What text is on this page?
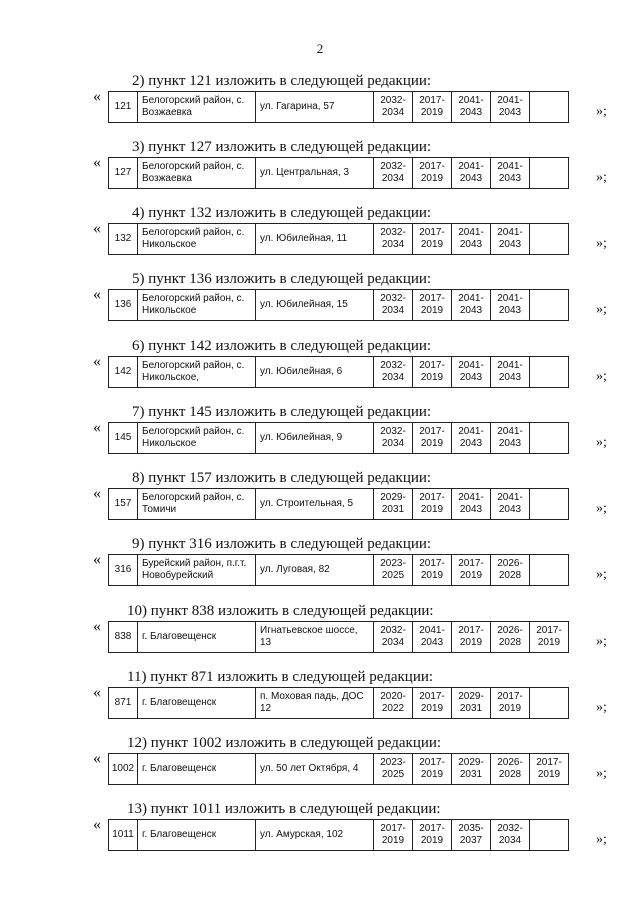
2
2) пункт 121 изложить в следующей редакции:
«
121	Белогорский район, с. Возжаевка	ул. Гагарина, 57	2032-2034	2017-2019	2041-2043	2041-2043		»;
3) пункт 127 изложить в следующей редакции:
«
127	Белогорский район, с. Возжаевка	ул. Центральная, 3	2032-2034	2017-2019	2041-2043	2041-2043		»;
4) пункт 132 изложить в следующей редакции:
«
132	Белогорский район, с. Никольское	ул. Юбилейная, 11	2032-2034	2017-2019	2041-2043	2041-2043		»;
5) пункт 136 изложить в следующей редакции:
«
136	Белогорский район, с. Никольское	ул. Юбилейная, 15	2032-2034	2017-2019	2041-2043	2041-2043		»;
6) пункт 142 изложить в следующей редакции:
«
142	Белогорский район, с. Никольское,	ул. Юбилейная, 6	2032-2034	2017-2019	2041-2043	2041-2043		»;
7) пункт 145 изложить в следующей редакции:
«
145	Белогорский район, с. Никольское	ул. Юбилейная, 9	2032-2034	2017-2019	2041-2043	2041-2043		»;
8) пункт 157 изложить в следующей редакции:
«
157	Белогорский район, с. Томичи	ул. Строительная, 5	2029-2031	2017-2019	2041-2043	2041-2043		»;
9) пункт 316 изложить в следующей редакции:
«
316	Бурейский район, п.г.т. Новобурейский	ул. Луговая, 82	2023-2025	2017-2019	2017-2019	2026-2028		»;
10) пункт 838 изложить в следующей редакции:
«
838	г. Благовещенск	Игнатьевское шоссе, 13	2032-2034	2041-2043	2017-2019	2026-2028	2017-2019	»;
11) пункт 871 изложить в следующей редакции:
«
871	г. Благовещенск	п. Моховая падь, ДОС 12	2020-2022	2017-2019	2029-2031	2017-2019		»;
12) пункт 1002 изложить в следующей редакции:
«
1002	г. Благовещенск	ул. 50 лет Октября, 4	2023-2025	2017-2019	2029-2031	2026-2028	2017-2019	»;
13) пункт 1011 изложить в следующей редакции:
«
1011	г. Благовещенск	ул. Амурская, 102	2017-2019	2017-2019	2035-2037	2032-2034		»;
